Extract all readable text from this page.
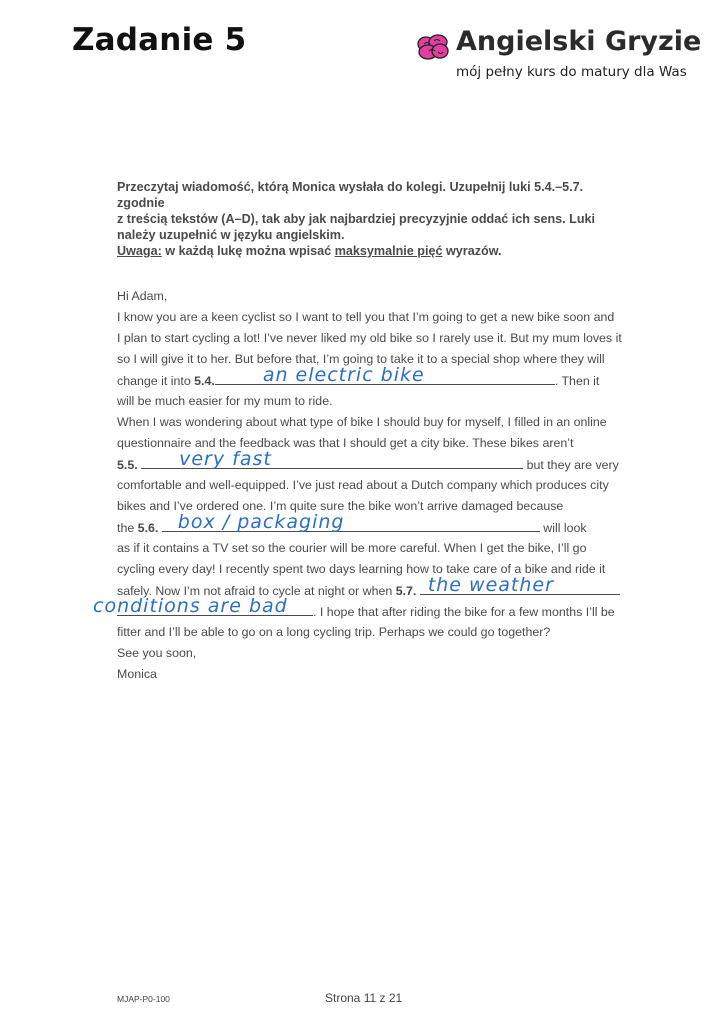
Zadanie 5	Angielski Gryzie
mój pełny kurs do matury dla Was
Przeczytaj wiadomość, którą Monica wysłała do kolegi. Uzupełnij luki 5.4.–5.7. zgodnie
z treścią tekstów (A–D), tak aby jak najbardziej precyzyjnie oddać ich sens. Luki
należy uzupełnić w języku angielskim.
Uwaga: w każdą lukę można wpisać maksymalnie pięć wyrazów.
Hi Adam,
I know you are a keen cyclist so I want to tell you that I’m going to get a new bike soon and
I plan to start cycling a lot! I’ve never liked my old bike so I rarely use it. But my mum loves it
so I will give it to her. But before that, I’m going to take it to a special shop where they will
change it into 5.4.	an electric bike	. Then it
will be much easier for my mum to ride.
When I was wondering about what type of bike I should buy for myself, I filled in an online
questionnaire and the feedback was that I should get a city bike. These bikes aren’t
5.5. very fast	but they are very
comfortable and well-equipped. I’ve just read about a Dutch company which produces city
bikes and I’ve ordered one. I’m quite sure the bike won’t arrive damaged because
the 5.6. box / packaging	will look
as if it contains a TV set so the courier will be more careful. When I get the bike, I’ll go
cycling every day! I recently spent two days learning how to take care of a bike and ride it
safely. Now I’m not afraid to cycle at night or when 5.7. the weather
conditions are bad . I hope that after riding the bike for a few months I’ll be
fitter and I’ll be able to go on a long cycling trip. Perhaps we could go together?
See you soon,
Monica
MJAP-P0-100	Strona 11 z 21
